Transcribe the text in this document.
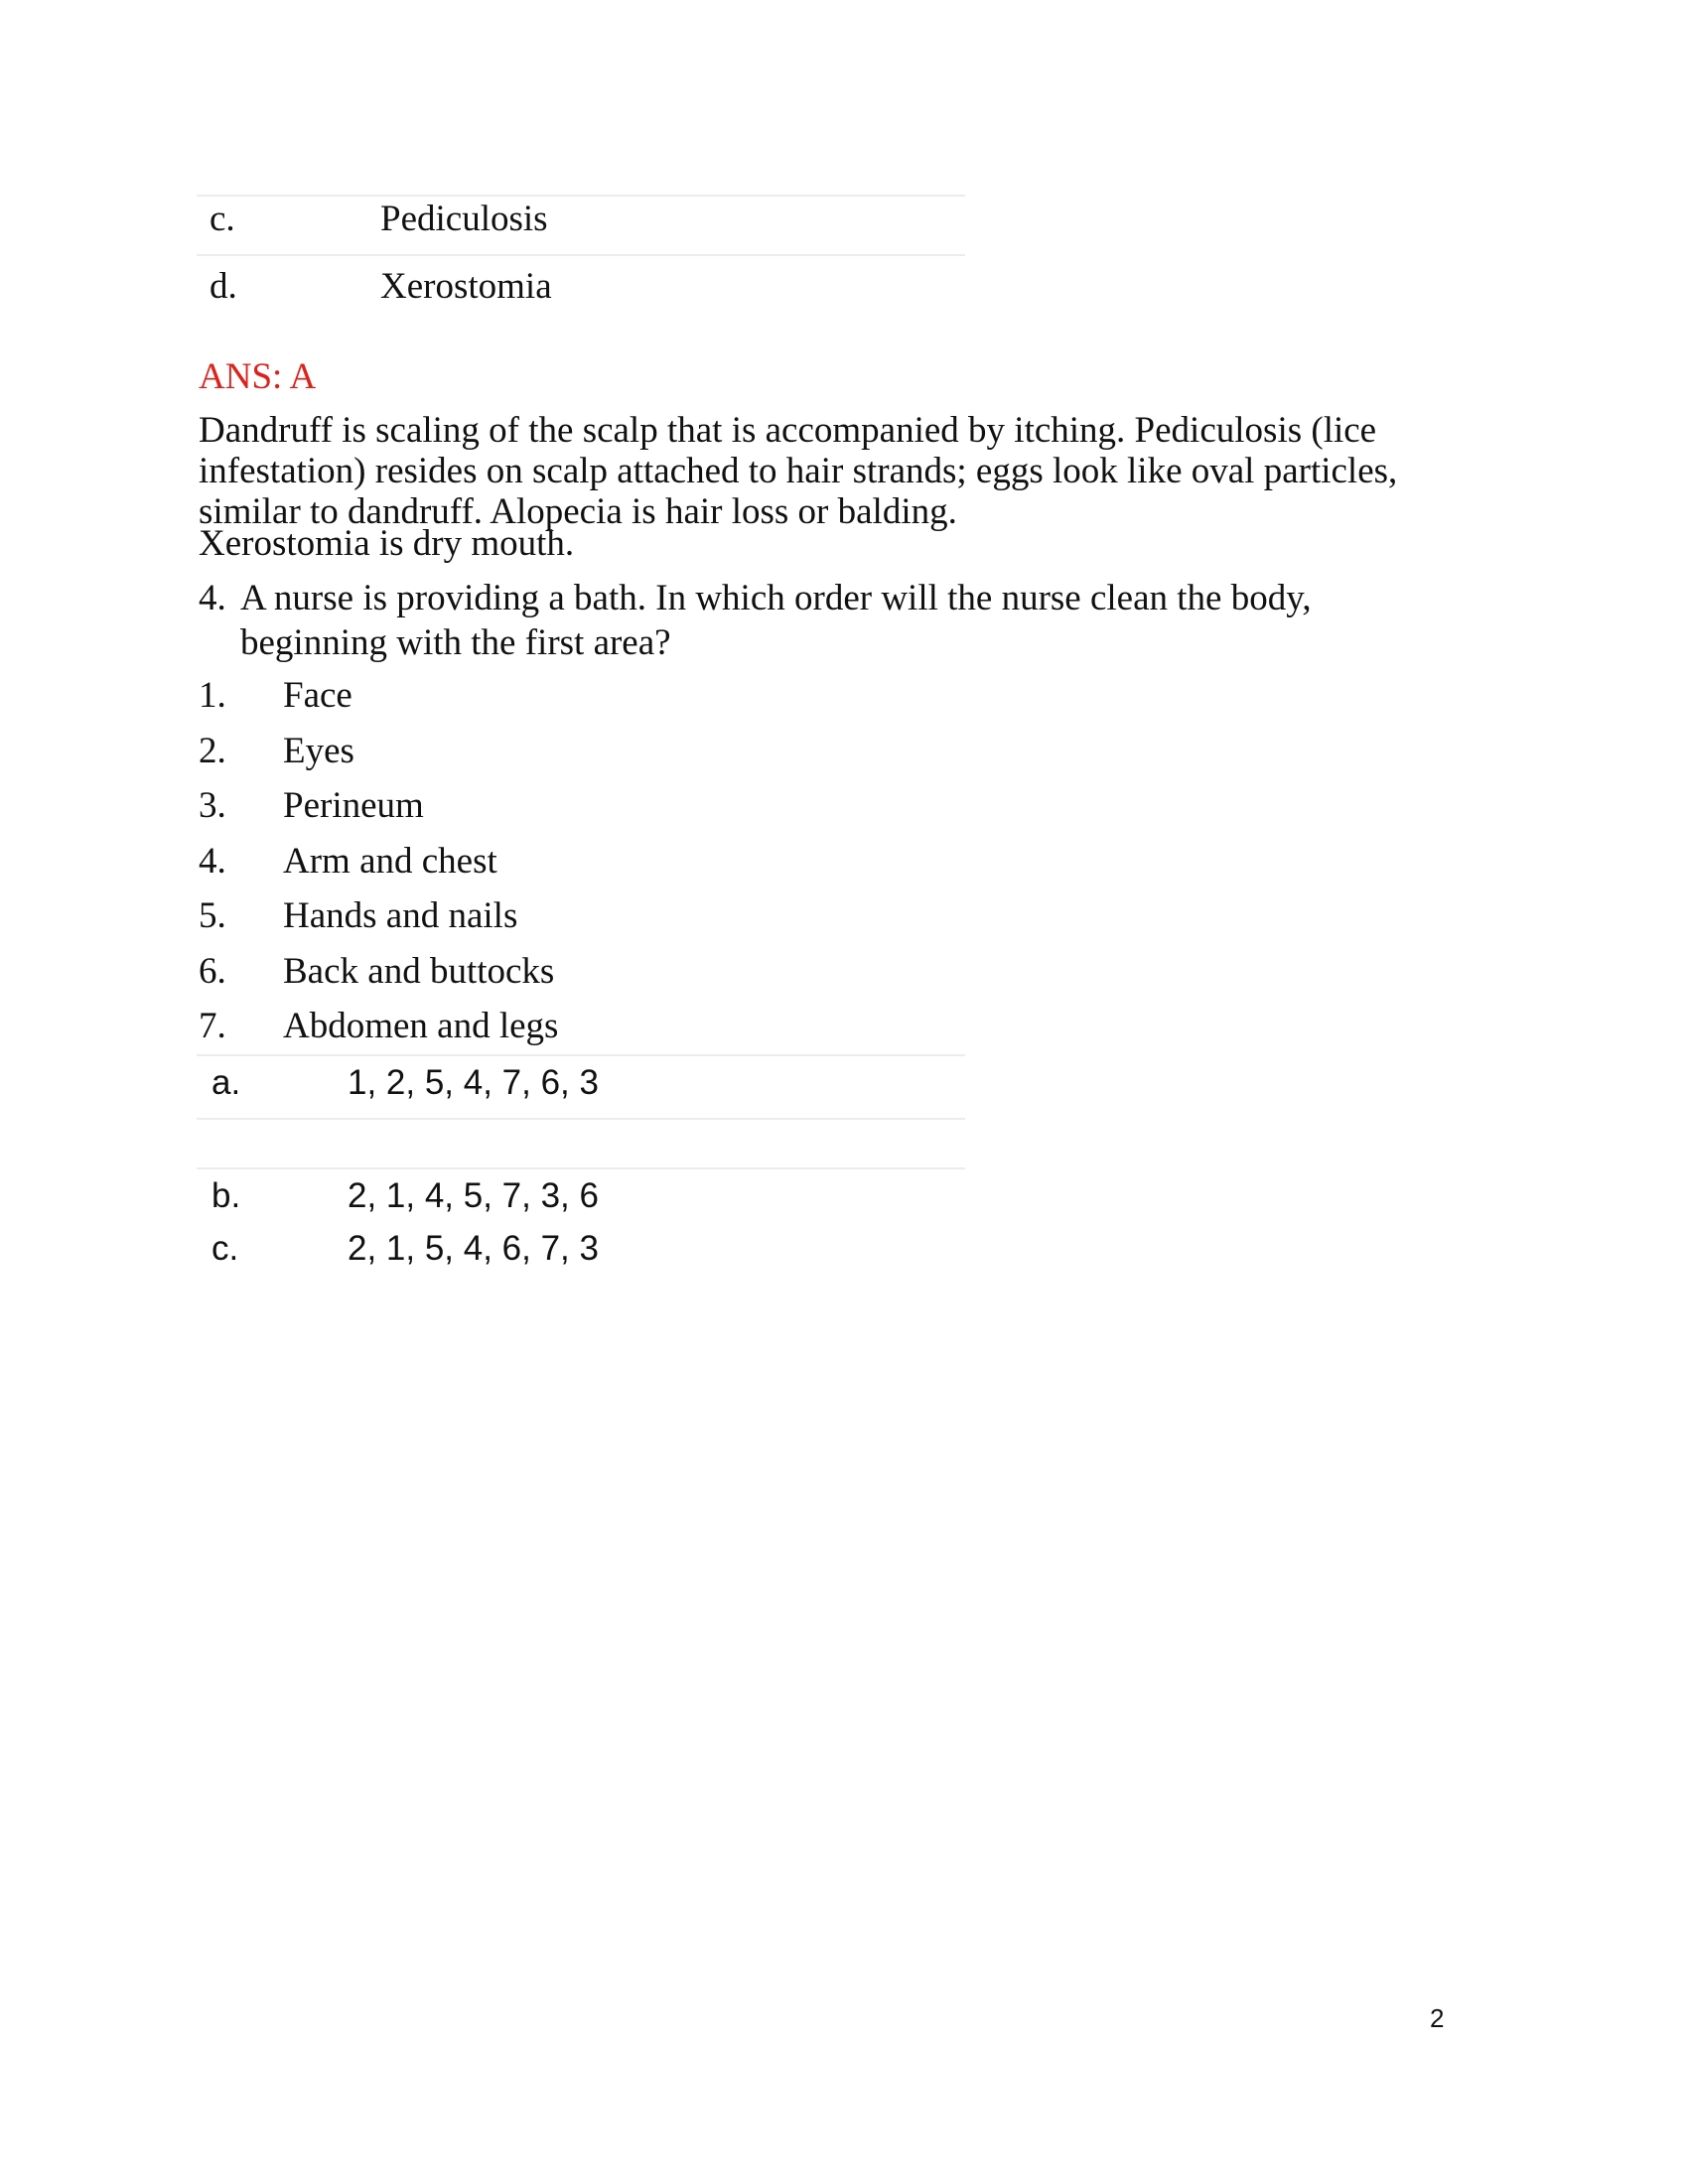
c.	Pediculosis
d.	Xerostomia
ANS: A
Dandruff is scaling of the scalp that is accompanied by itching. Pediculosis (lice
infestation) resides on scalp attached to hair strands; eggs look like oval particles,
similar to dandruff. Alopecia is hair loss or balding.
Xerostomia is dry mouth.
4. A nurse is providing a bath. In which order will the nurse clean the body,
beginning with the first area?
1. Face
2. Eyes
3. Perineum
4. Arm and chest
5. Hands and nails
6. Back and buttocks
7. Abdomen and legs
a.	1, 2, 5, 4, 7, 6, 3
b.	2, 1, 4, 5, 7, 3, 6
c.	2, 1, 5, 4, 6, 7, 3
2
